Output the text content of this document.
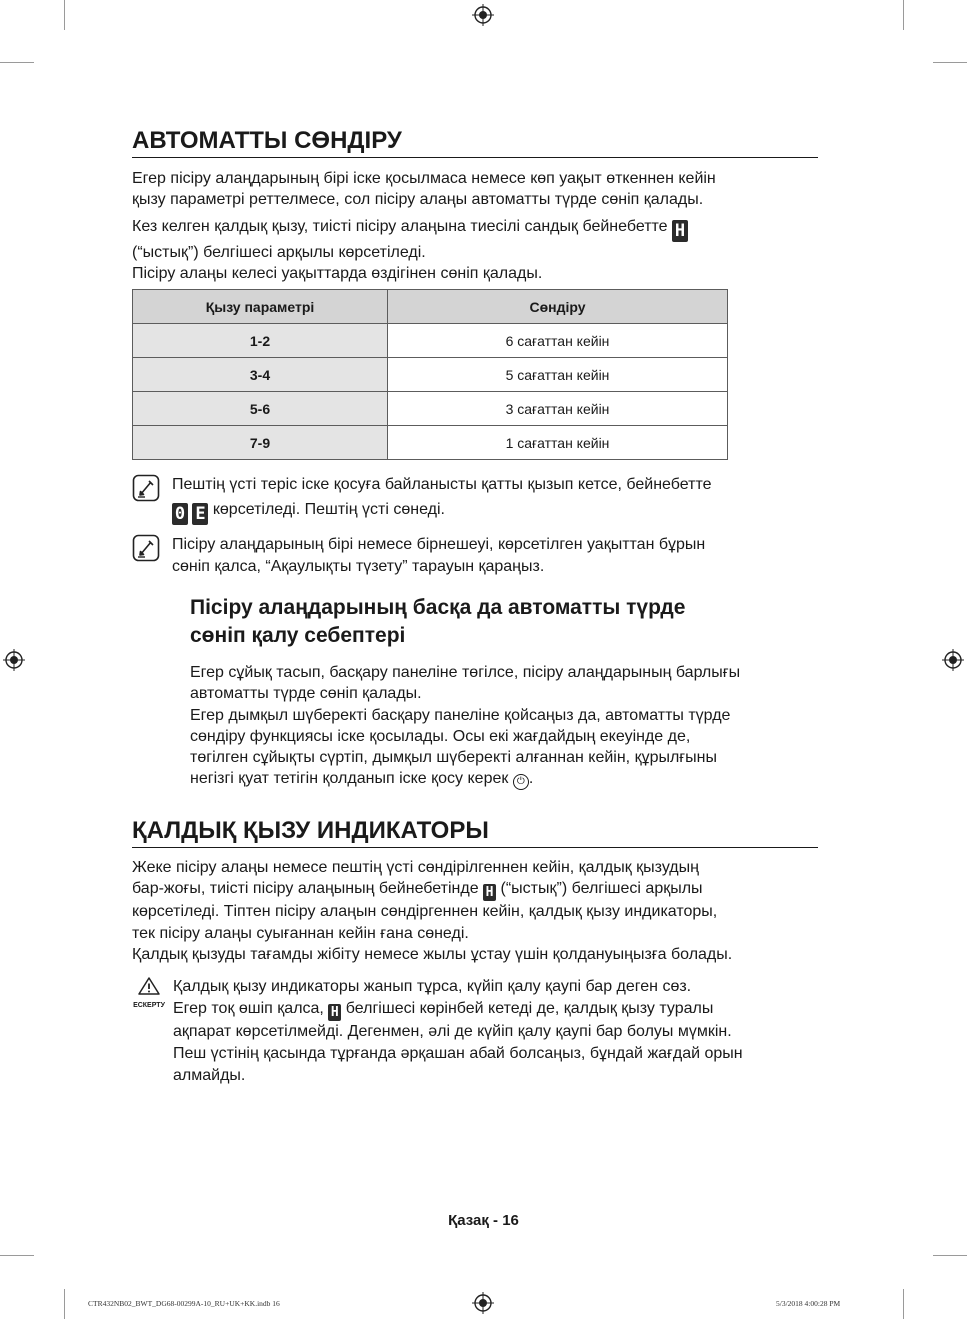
АВТОМАТТЫ СӨНДІРУ

Егер пісіру алаңдарының бірі іске қосылмаса немесе көп уақыт өткеннен кейін
қызу параметрі реттелмесе, сол пісіру алаңы автоматты түрде сөніп қалады.

Кез келген қалдық қызу, тиісті пісіру алаңына тиесілі сандық бейнебетте H
(“ыстық”) белгішесі арқылы көрсетіледі.
Пісіру алаңы келесі уақыттарда өздігінен сөніп қалады.

Қызу параметрі	Сөндіру
1-2	6 сағаттан кейін
3-4	5 сағаттан кейін
5-6	3 сағаттан кейін
7-9	1 сағаттан кейін

Пештің үсті теріс іске қосуға байланысты қатты қызып кетсе, бейнебетте
0 E көрсетіледі. Пештің үсті сөнеді.

Пісіру алаңдарының бірі немесе бірнешеуі, көрсетілген уақыттан бұрын
сөніп қалса, “Ақаулықты түзету” тарауын қараңыз.

Пісіру алаңдарының басқа да автоматты түрде
сөніп қалу себептері

Егер сұйық тасып, басқару панеліне төгілсе, пісіру алаңдарының барлығы
автоматты түрде сөніп қалады.
Егер дымқыл шүберекті басқару панеліне қойсаңыз да, автоматты түрде
сөндіру функциясы іске қосылады. Осы екі жағдайдың екеуінде де,
төгілген сұйықты сүртіп, дымқыл шүберекті алғаннан кейін, құрылғыны
негізгі қуат тетігін қолданып іске қосу керек ⏻ .

ҚАЛДЫҚ ҚЫЗУ ИНДИКАТОРЫ

Жеке пісіру алаңы немесе пештің үсті сөндірілгеннен кейін, қалдық қызудың
бар-жоғы, тиісті пісіру алаңының бейнебетінде H (“ыстық”) белгішесі арқылы
көрсетіледі. Тіптен пісіру алаңын сөндіргеннен кейін, қалдық қызу индикаторы,
тек пісіру алаңы суығаннан кейін ғана сөнеді.
Қалдық қызуды тағамды жібіту немесе жылы ұстау үшін қолдануыңызға болады.

ЕСКЕРТУ

Қалдық қызу индикаторы жанып тұрса, күйіп қалу қаупі бар деген сөз.
Егер тоқ өшіп қалса, H белгішесі көрінбей кетеді де, қалдық қызу туралы
ақпарат көрсетілмейді. Дегенмен, әлі де күйіп қалу қаупі бар болуы мүмкін.
Пеш үстінің қасында тұрғанда әрқашан абай болсаңыз, бұндай жағдай орын
алмайды.

Қазақ - 16

CTR432NB02_BWT_DG68-00299A-10_RU+UK+KK.indb 16	5/3/2018 4:00:28 PM
